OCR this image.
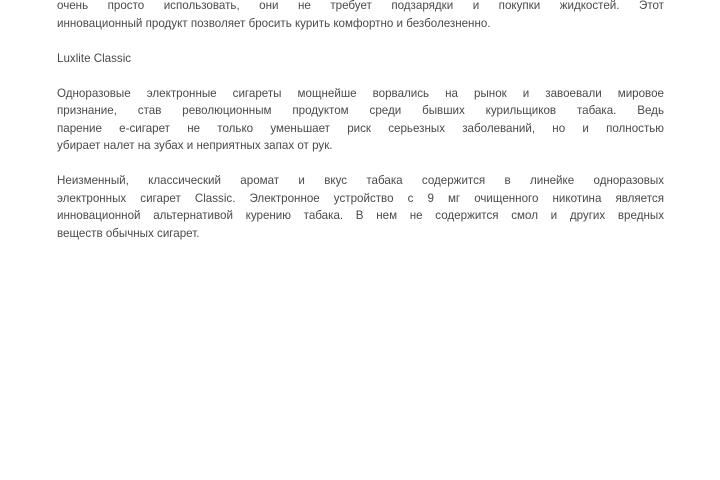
очень просто использовать, они не требует подзарядки и покупки жидкостей. Этот
инновационный продукт позволяет бросить курить комфортно и безболезненно.

Luxlite Classic

Одноразовые электронные сигареты мощнейше ворвались на рынок и завоевали мировое
признание, став революционным продуктом среди бывших курильщиков табака. Ведь
парение е-сигарет не только уменьшает риск серьезных заболеваний, но и полностью
убирает налет на зубах и неприятных запах от рук.

Неизменный, классический аромат и вкус табака содержится в линейке одноразовых
электронных сигарет Classic. Электронное устройство с 9 мг очищенного никотина является
инновационной альтернативой курению табака. В нем не содержится смол и других вредных
веществ обычных сигарет.
